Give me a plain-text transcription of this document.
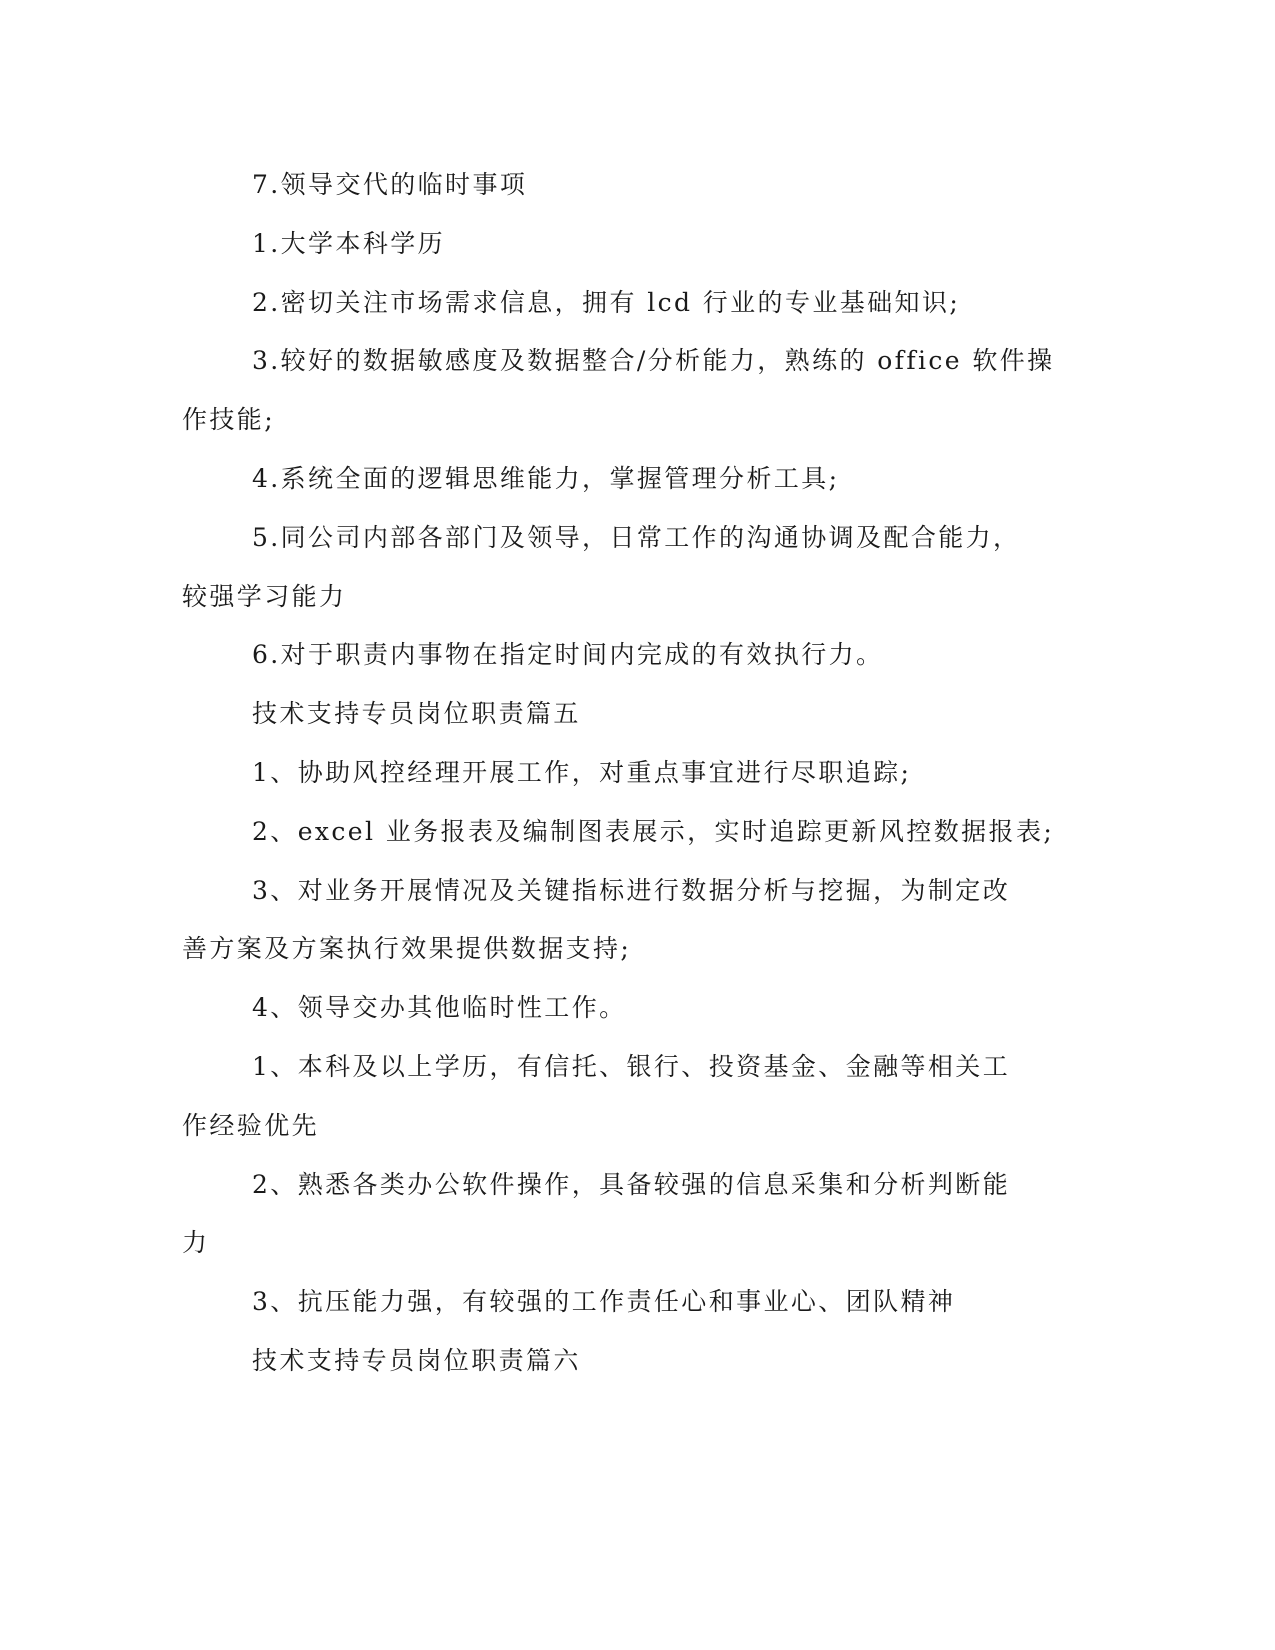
7.领导交代的临时事项
1.大学本科学历
2.密切关注市场需求信息，拥有 lcd 行业的专业基础知识;
3.较好的数据敏感度及数据整合/分析能力，熟练的 office 软件操
作技能;
4.系统全面的逻辑思维能力，掌握管理分析工具;
5.同公司内部各部门及领导，日常工作的沟通协调及配合能力，
较强学习能力
6.对于职责内事物在指定时间内完成的有效执行力。
技术支持专员岗位职责篇五
1、协助风控经理开展工作，对重点事宜进行尽职追踪;
2、excel 业务报表及编制图表展示，实时追踪更新风控数据报表;
3、对业务开展情况及关键指标进行数据分析与挖掘，为制定改
善方案及方案执行效果提供数据支持;
4、领导交办其他临时性工作。
1、本科及以上学历，有信托、银行、投资基金、金融等相关工
作经验优先
2、熟悉各类办公软件操作，具备较强的信息采集和分析判断能
力
3、抗压能力强，有较强的工作责任心和事业心、团队精神
技术支持专员岗位职责篇六
